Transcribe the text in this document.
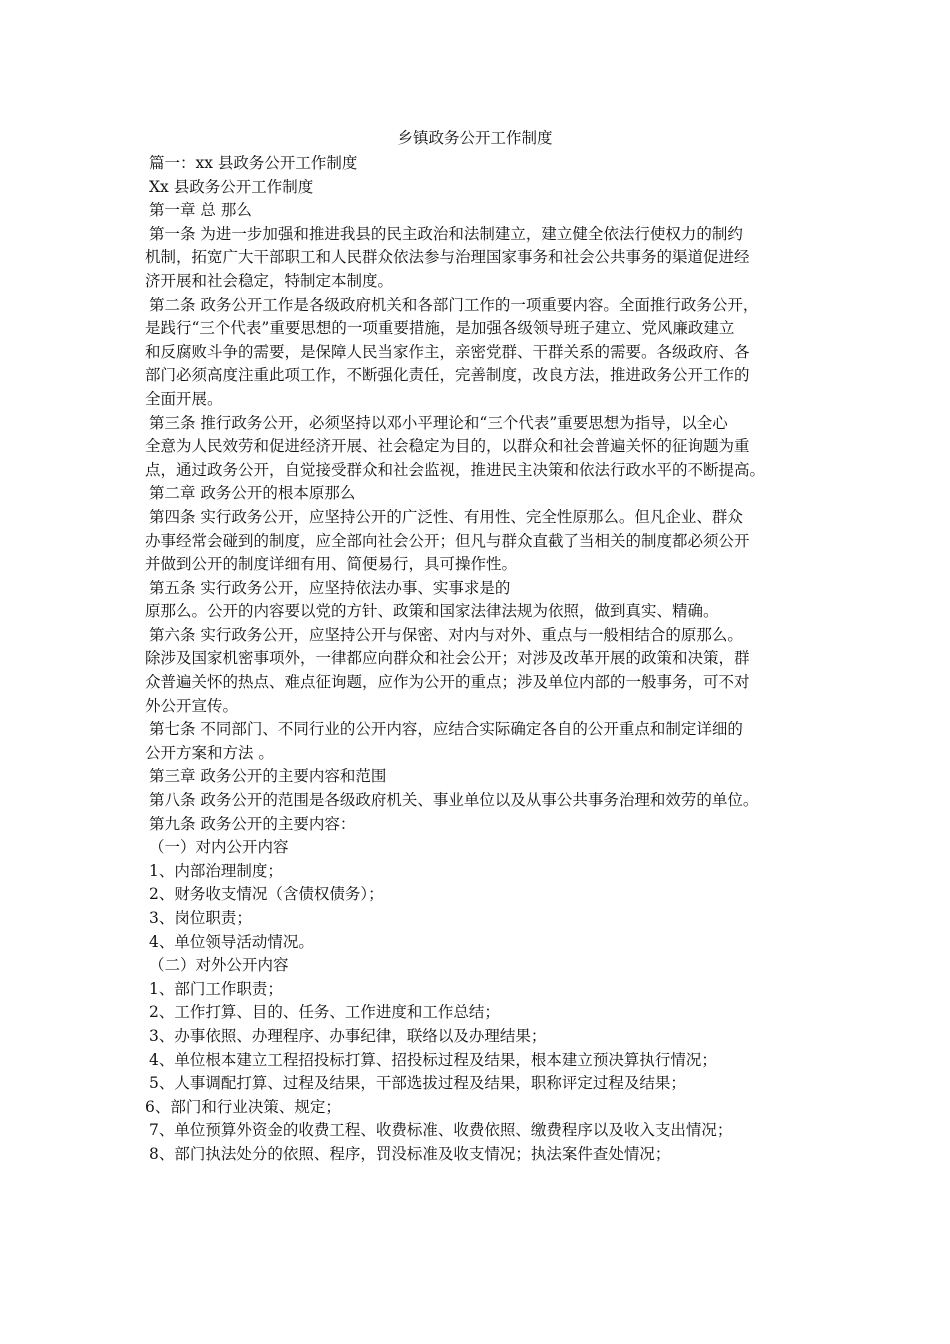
乡镇政务公开工作制度
篇一：xx 县政务公开工作制度
Xx 县政务公开工作制度
第一章 总 那么
第一条 为进一步加强和推进我县的民主政治和法制建立，建立健全依法行使权力的制约
机制，拓宽广大干部职工和人民群众依法参与治理国家事务和社会公共事务的渠道促进经
济开展和社会稳定，特制定本制度。
第二条 政务公开工作是各级政府机关和各部门工作的一项重要内容。全面推行政务公开，
是践行“三个代表”重要思想的一项重要措施，是加强各级领导班子建立、党风廉政建立
和反腐败斗争的需要，是保障人民当家作主，亲密党群、干群关系的需要。各级政府、各
部门必须高度注重此项工作，不断强化责任，完善制度，改良方法，推进政务公开工作的
全面开展。
第三条 推行政务公开，必须坚持以邓小平理论和“三个代表”重要思想为指导，以全心
全意为人民效劳和促进经济开展、社会稳定为目的，以群众和社会普遍关怀的征询题为重
点，通过政务公开，自觉接受群众和社会监视，推进民主决策和依法行政水平的不断提高。
第二章 政务公开的根本原那么
第四条 实行政务公开，应坚持公开的广泛性、有用性、完全性原那么。但凡企业、群众
办事经常会碰到的制度，应全部向社会公开；但凡与群众直截了当相关的制度都必须公开
并做到公开的制度详细有用、简便易行，具可操作性。
第五条 实行政务公开，应坚持依法办事、实事求是的
原那么。公开的内容要以党的方针、政策和国家法律法规为依照，做到真实、精确。
第六条 实行政务公开，应坚持公开与保密、对内与对外、重点与一般相结合的原那么。
除涉及国家机密事项外，一律都应向群众和社会公开；对涉及改革开展的政策和决策，群
众普遍关怀的热点、难点征询题，应作为公开的重点；涉及单位内部的一般事务，可不对
外公开宣传。
第七条 不同部门、不同行业的公开内容，应结合实际确定各自的公开重点和制定详细的
公开方案和方法 。
第三章 政务公开的主要内容和范围
第八条 政务公开的范围是各级政府机关、事业单位以及从事公共事务治理和效劳的单位。
第九条 政务公开的主要内容：
（一）对内公开内容
1、内部治理制度；
2、财务收支情况（含债权债务）；
3、岗位职责；
4、单位领导活动情况。
（二）对外公开内容
1、部门工作职责；
2、工作打算、目的、任务、工作进度和工作总结；
3、办事依照、办理程序、办事纪律，联络以及办理结果；
4、单位根本建立工程招投标打算、招投标过程及结果，根本建立预决算执行情况；
5、人事调配打算、过程及结果，干部选拔过程及结果，职称评定过程及结果；
6、部门和行业决策、规定；
7、单位预算外资金的收费工程、收费标准、收费依照、缴费程序以及收入支出情况；
8、部门执法处分的依照、程序，罚没标准及收支情况；执法案件查处情况；
